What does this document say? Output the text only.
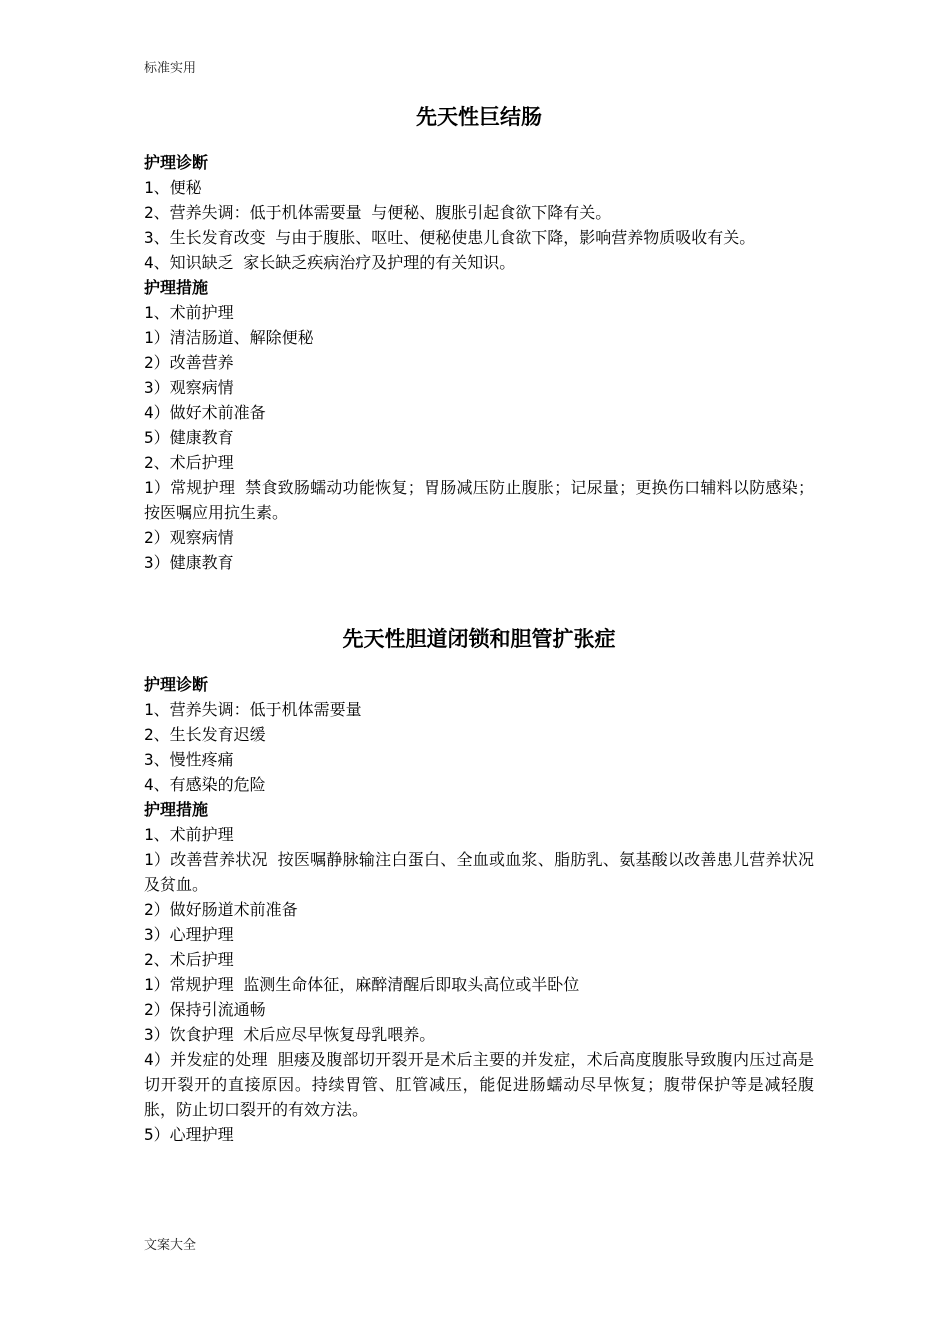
标准实用

先天性巨结肠
护理诊断

1、便秘

2、营养失调：低于机体需要量 与便秘、腹胀引起食欲下降有关。

3、生长发育改变 与由于腹胀、呕吐、便秘使患儿食欲下降，影响营养物质吸收有关。

4、知识缺乏 家长缺乏疾病治疗及护理的有关知识。

护理措施

1、术前护理

1）清洁肠道、解除便秘

2）改善营养

3）观察病情

4）做好术前准备

5）健康教育

2、术后护理

1）常规护理 禁食致肠蠕动功能恢复；胃肠减压防止腹胀；记尿量；更换伤口辅料以防感染；按医嘱应用抗生素。

2）观察病情

3）健康教育

先天性胆道闭锁和胆管扩张症
护理诊断

1、营养失调：低于机体需要量

2、生长发育迟缓

3、慢性疼痛

4、有感染的危险

护理措施

1、术前护理

1）改善营养状况 按医嘱静脉输注白蛋白、全血或血浆、脂肪乳、氨基酸以改善患儿营养状况及贫血。

2）做好肠道术前准备

3）心理护理

2、术后护理

1）常规护理 监测生命体征，麻醉清醒后即取头高位或半卧位

2）保持引流通畅

3）饮食护理 术后应尽早恢复母乳喂养。

4）并发症的处理 胆瘘及腹部切开裂开是术后主要的并发症，术后高度腹胀导致腹内压过高是切开裂开的直接原因。持续胃管、肛管减压，能促进肠蠕动尽早恢复；腹带保护等是减轻腹胀，防止切口裂开的有效方法。

5）心理护理

文案大全
